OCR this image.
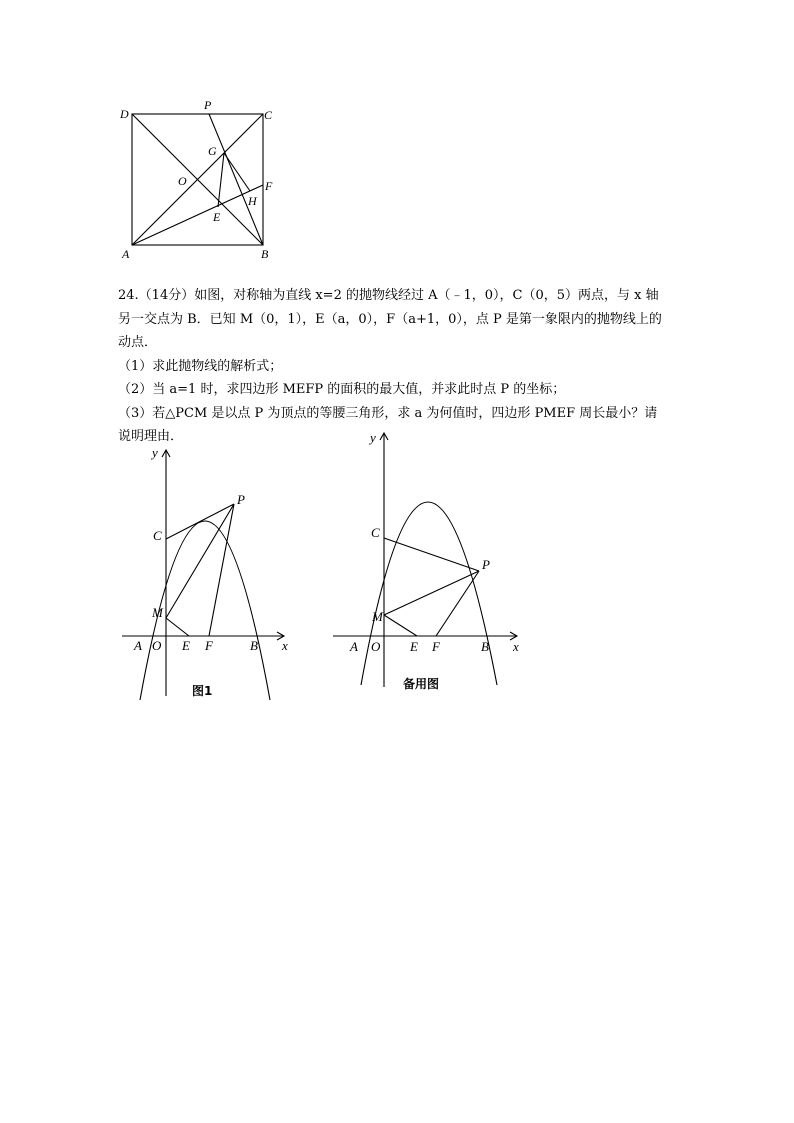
D
P
C
G
O	F
H
E
A	B

24.（14分）如图，对称轴为直线 x=2 的抛物线经过 A（﹣1，0），C（0，5）两点，与 x 轴

另一交点为 B．已知 M（0，1），E（a，0），F（a+1，0），点 P 是第一象限内的抛物线上的

动点．

（1）求此抛物线的解析式；

（2）当 a=1 时，求四边形 MEFP 的面积的最大值，并求此时点 P 的坐标；

（3）若△PCM 是以点 P 为顶点的等腰三角形，求 a 为何值时，四边形 PMEF 周长最小？请

说明理由．

y
x
C
P
M
A O E F	B
图1
y
x
C
P
M
A O E F	B
备用图
